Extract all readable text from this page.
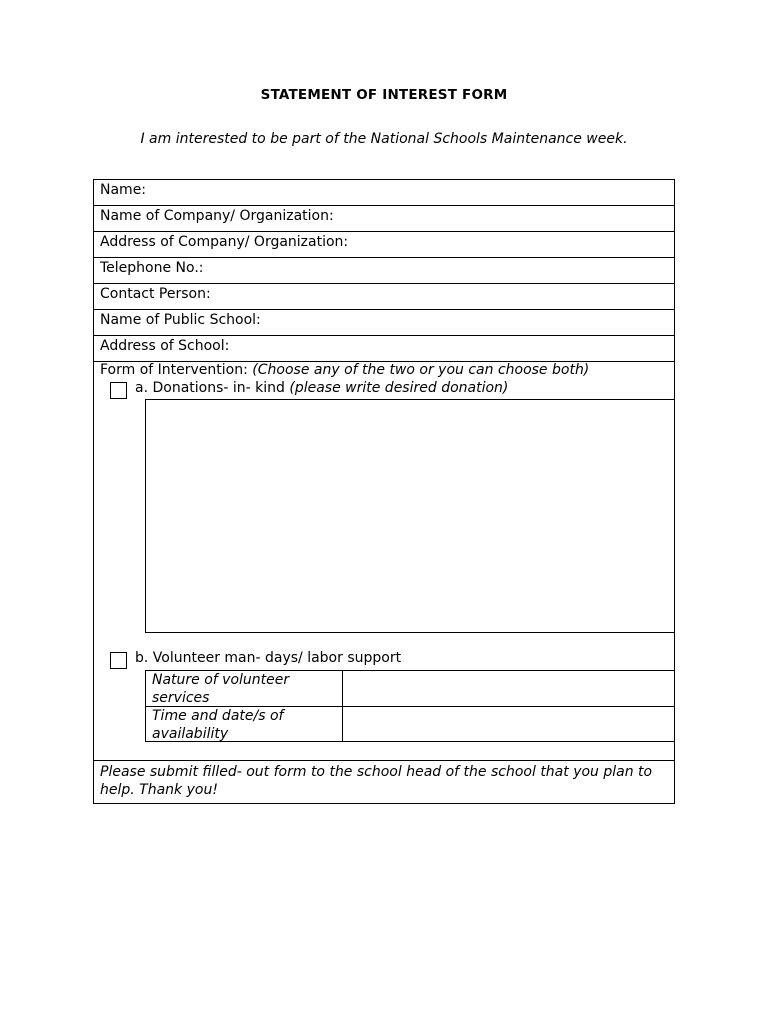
STATEMENT OF INTEREST FORM
I am interested to be part of the National Schools Maintenance week.
Name:
Name of Company/ Organization:
Address of Company/ Organization:
Telephone No.:
Contact Person:
Name of Public School:
Address of School:
Form of Intervention: (Choose any of the two or you can choose both)
a. Donations- in- kind (please write desired donation)
b. Volunteer man- days/ labor support
Nature of volunteer services
Time and date/s of availability
Please submit filled- out form to the school head of the school that you plan to help. Thank you!
